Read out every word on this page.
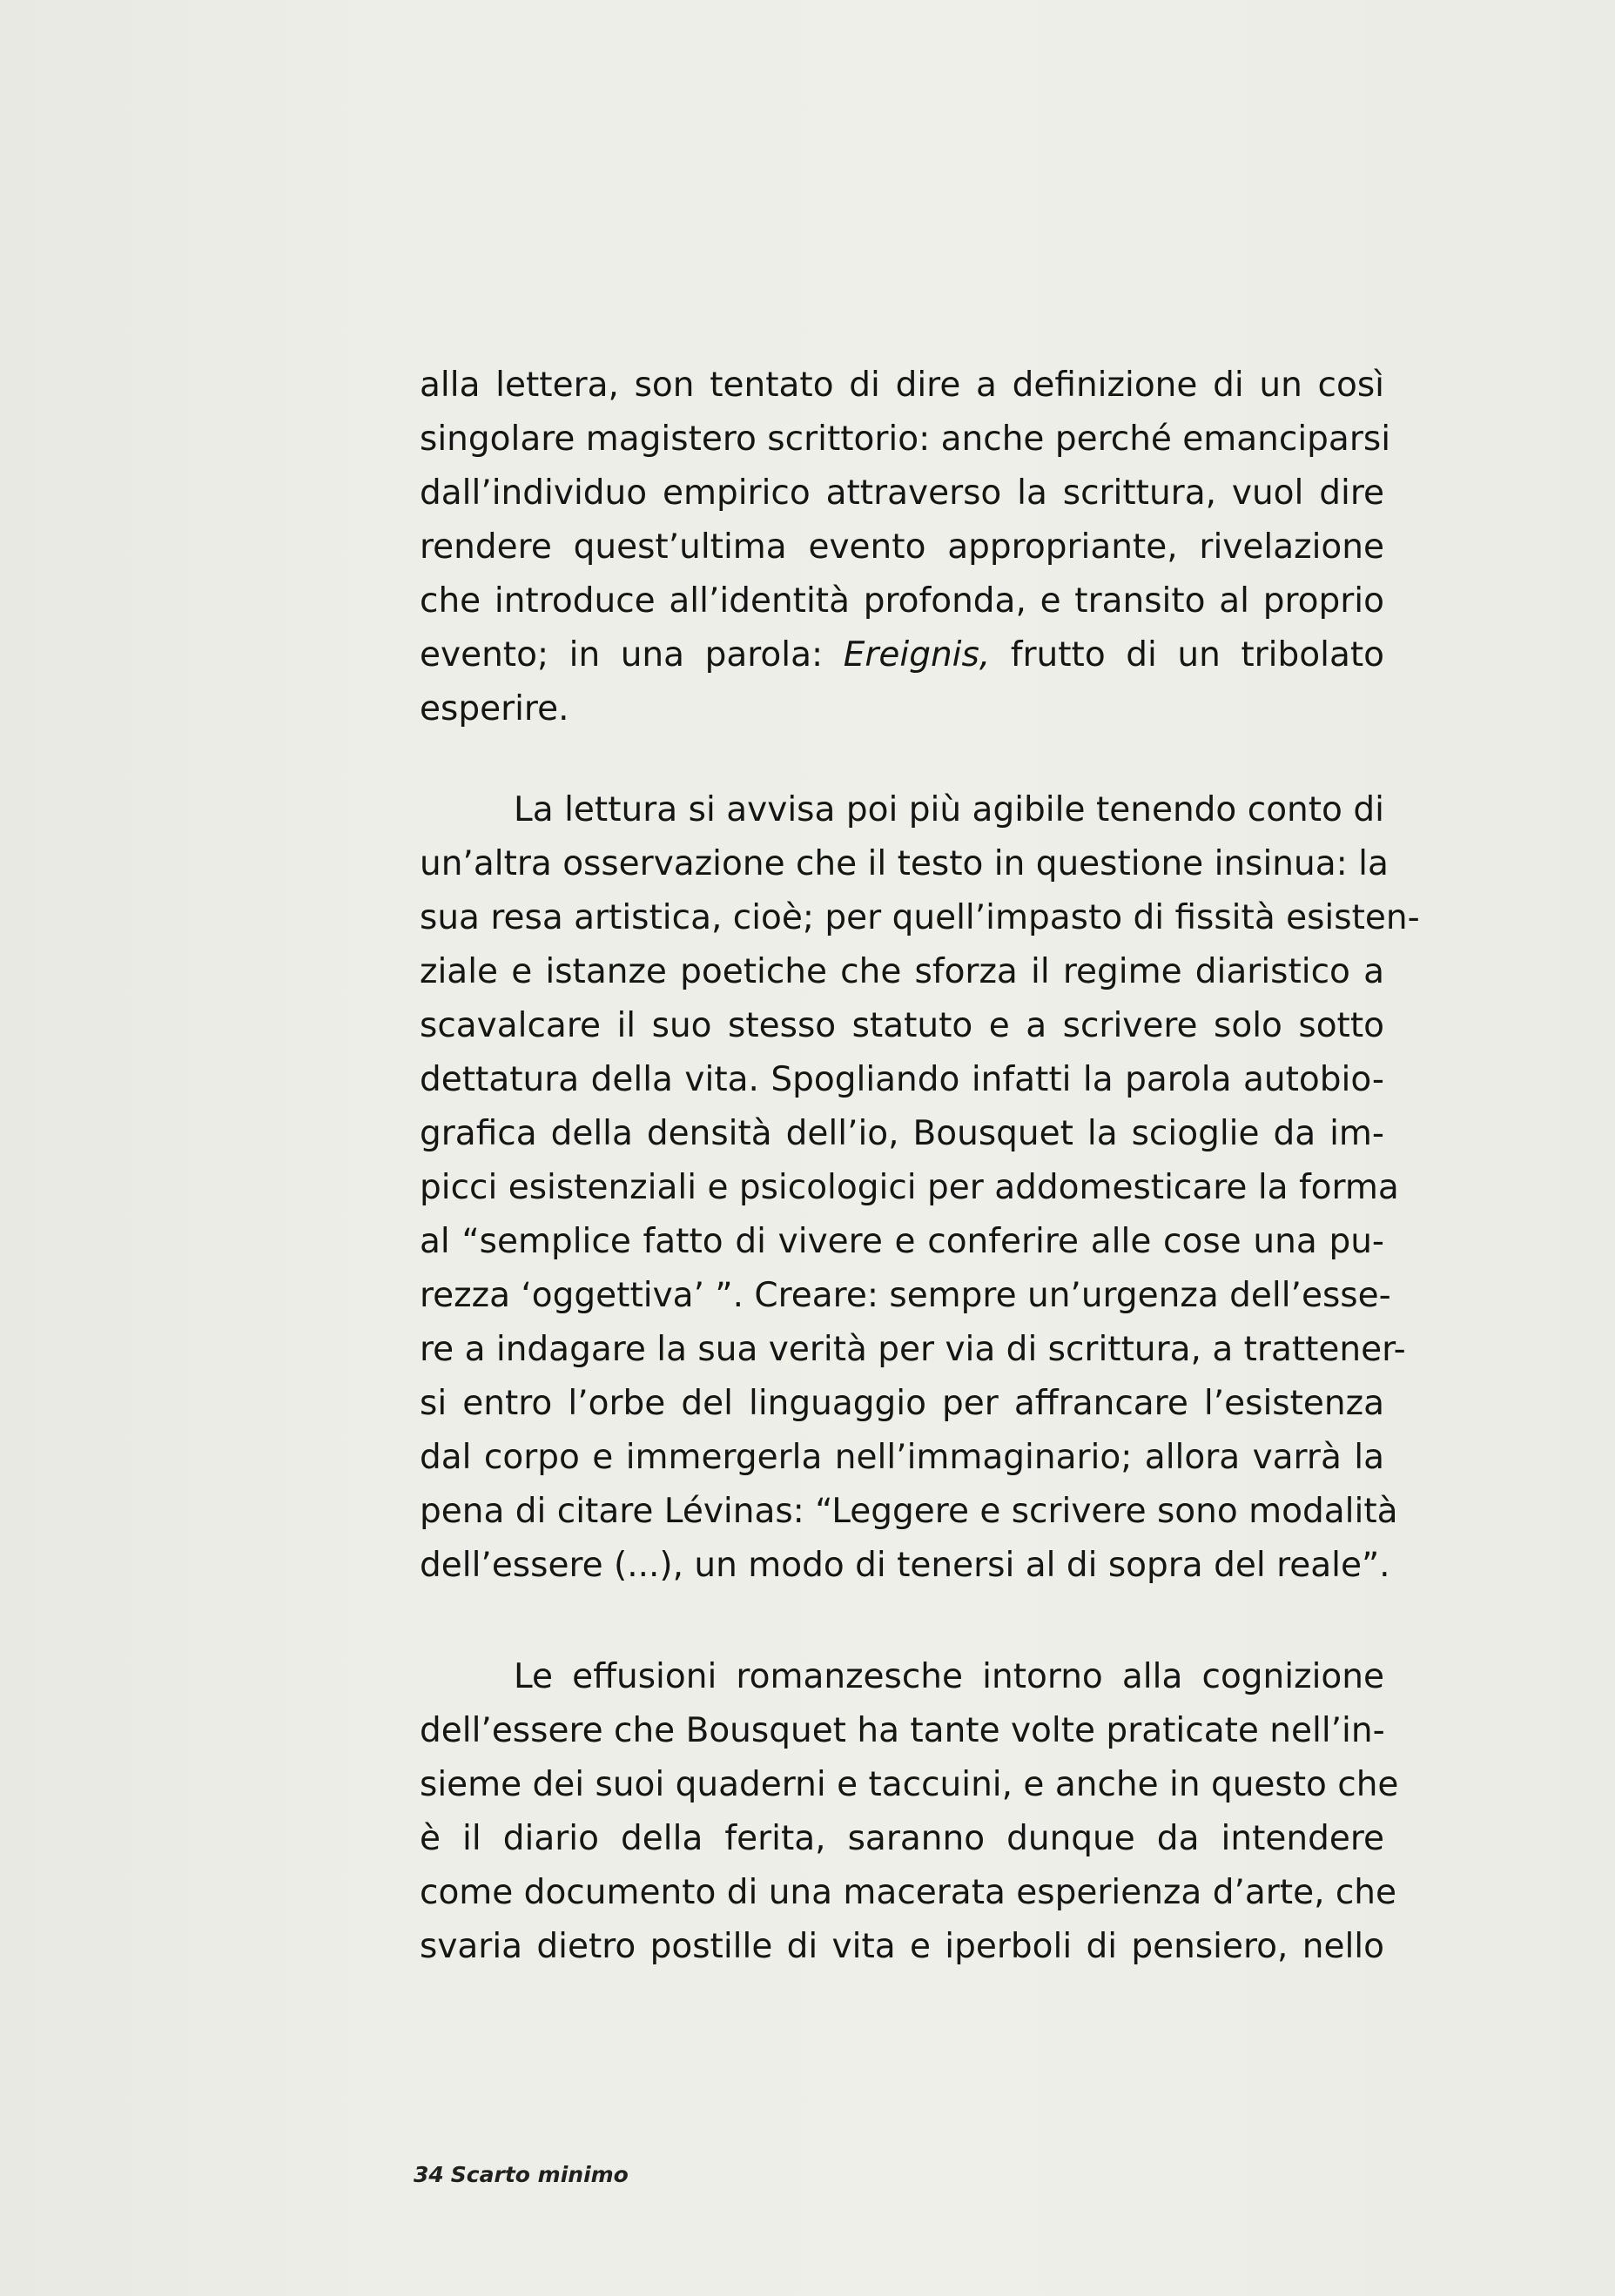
alla lettera, son tentato di dire a definizione di un così
singolare magistero scrittorio: anche perché emanciparsi
dall’individuo empirico attraverso la scrittura, vuol dire
rendere quest’ultima evento appropriante, rivelazione
che introduce all’identità profonda, e transito al proprio
evento; in una parola: Ereignis, frutto di un tribolato
esperire.
La lettura si avvisa poi più agibile tenendo conto di
un’altra osservazione che il testo in questione insinua: la
sua resa artistica, cioè; per quell’impasto di fissità esisten-
ziale e istanze poetiche che sforza il regime diaristico a
scavalcare il suo stesso statuto e a scrivere solo sotto
dettatura della vita. Spogliando infatti la parola autobio-
grafica della densità dell’io, Bousquet la scioglie da im-
picci esistenziali e psicologici per addomesticare la forma
al “semplice fatto di vivere e conferire alle cose una pu-
rezza ‘oggettiva’ ”. Creare: sempre un’urgenza dell’esse-
re a indagare la sua verità per via di scrittura, a trattener-
si entro l’orbe del linguaggio per affrancare l’esistenza
dal corpo e immergerla nell’immaginario; allora varrà la
pena di citare Lévinas: “Leggere e scrivere sono modalità
dell’essere (...), un modo di tenersi al di sopra del reale”.
Le effusioni romanzesche intorno alla cognizione
dell’essere che Bousquet ha tante volte praticate nell’in-
sieme dei suoi quaderni e taccuini, e anche in questo che
è il diario della ferita, saranno dunque da intendere
come documento di una macerata esperienza d’arte, che
svaria dietro postille di vita e iperboli di pensiero, nello
34 Scarto minimo
